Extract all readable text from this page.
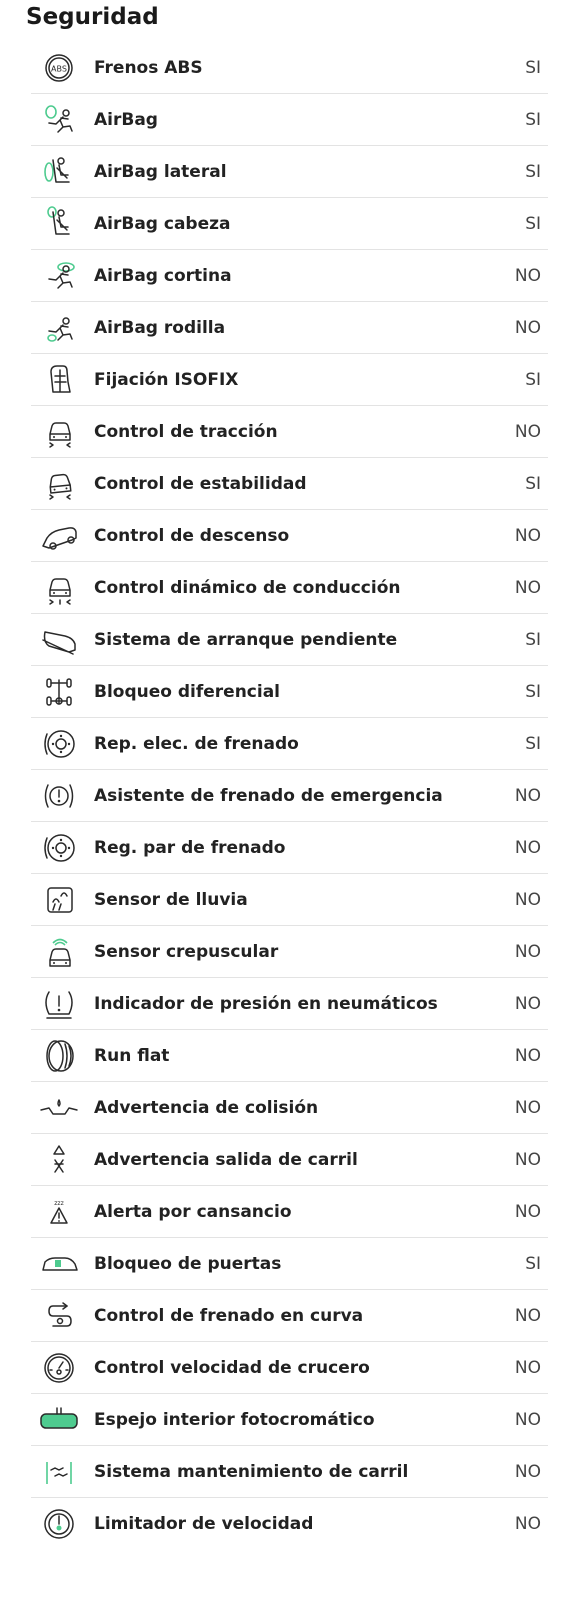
Seguridad
ABS Frenos ABS	SI
AirBag	SI
AirBag lateral	SI
AirBag cabeza	SI
AirBag cortina	NO
AirBag rodilla	NO
Fijación ISOFIX	SI
Control de tracción	NO
Control de estabilidad	SI
Control de descenso	NO
Control dinámico de conducción	NO
Sistema de arranque pendiente	SI
Bloqueo diferencial	SI
Rep. elec. de frenado	SI
Asistente de frenado de emergencia	NO
Reg. par de frenado	NO
Sensor de lluvia	NO
Sensor crepuscular	NO
Indicador de presión en neumáticos	NO
Run flat	NO
Advertencia de colisión	NO
Advertencia salida de carril	NO
zzz Alerta por cansancio	NO
Bloqueo de puertas	SI
Control de frenado en curva	NO
Control velocidad de crucero	NO
Espejo interior fotocromático	NO
Sistema mantenimiento de carril	NO
Limitador de velocidad	NO
